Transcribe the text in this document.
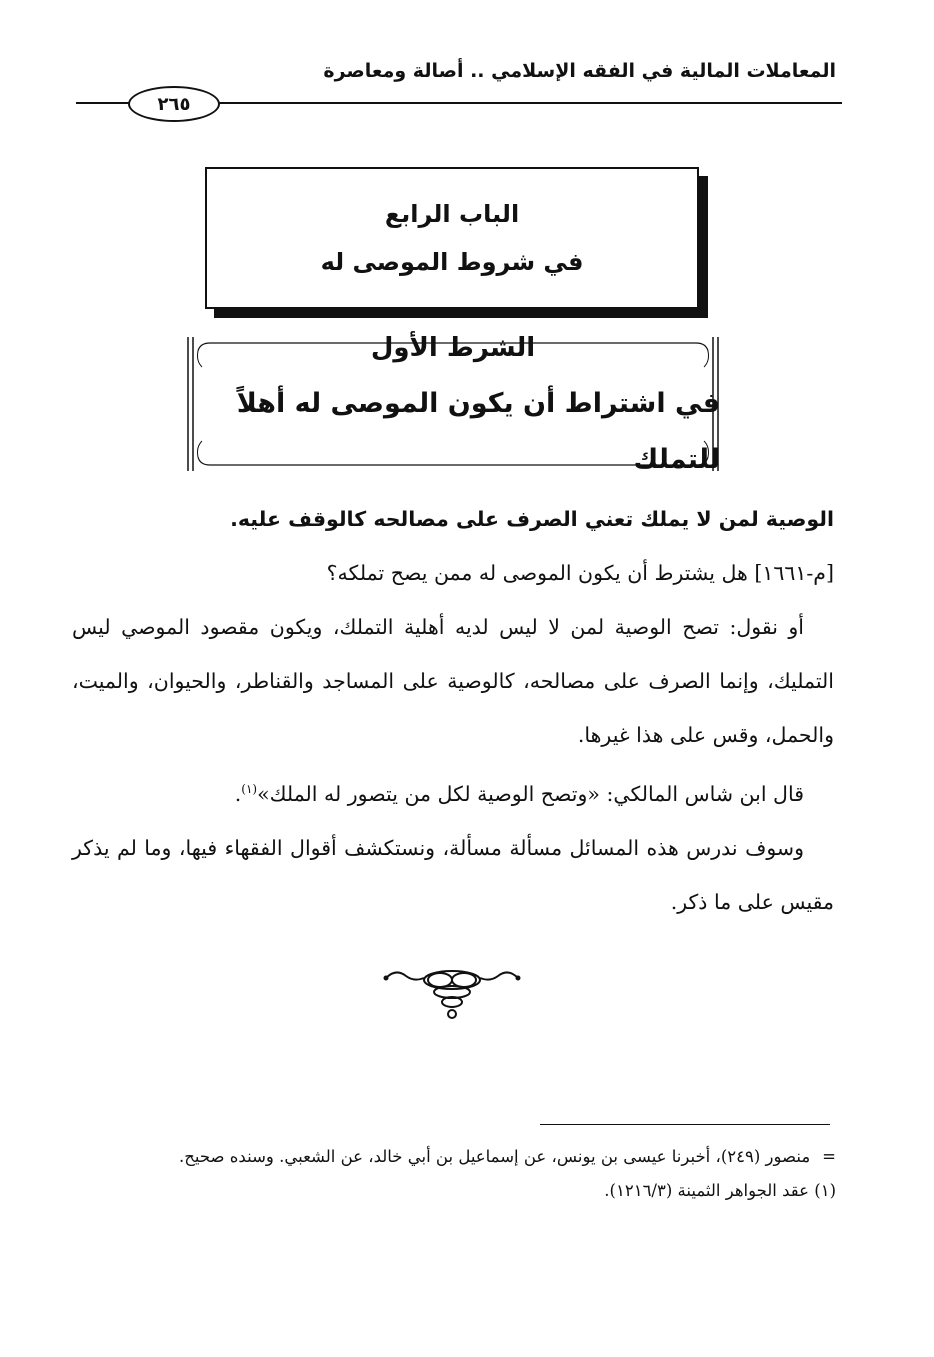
المعاملات المالية في الفقه الإسلامي .. أصالة ومعاصرة
٢٦٥
الباب الرابع
في شروط الموصى له
الشرط الأول
في اشتراط أن يكون الموصى له أهلاً للتملك

الوصية لمن لا يملك تعني الصرف على مصالحه كالوقف عليه.

[م-١٦٦١] هل يشترط أن يكون الموصى له ممن يصح تملكه؟

أو نقول: تصح الوصية لمن لا ليس لديه أهلية التملك، ويكون مقصود الموصي ليس التمليك، وإنما الصرف على مصالحه، كالوصية على المساجد والقناطر، والحيوان، والميت، والحمل، وقس على هذا غيرها.

قال ابن شاس المالكي: «وتصح الوصية لكل من يتصور له الملك»$^{(١)}$.

وسوف ندرس هذه المسائل مسألة مسألة، ونستكشف أقوال الفقهاء فيها، وما لم يذكر مقيس على ما ذكر.

=منصور (٢٤٩)، أخبرنا عيسى بن يونس، عن إسماعيل بن أبي خالد، عن الشعبي. وسنده صحيح.

(١) عقد الجواهر الثمينة (١٢١٦/٣).
